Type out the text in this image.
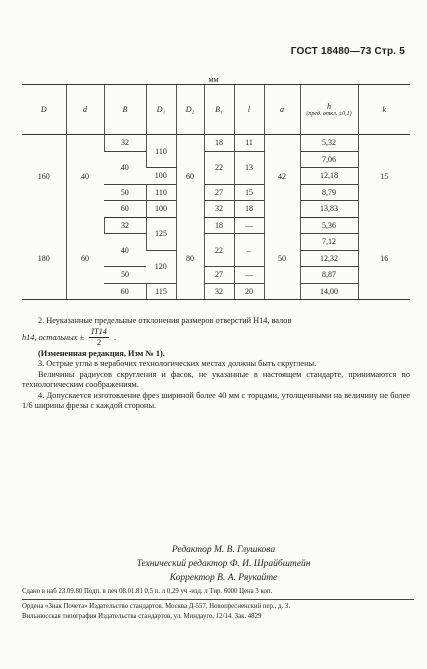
ГОСТ 18480—73 Стр. 5
мм
D	d	B	D₁	D₂	B₁	l	a	h
(пред. откл. ±0,1)	k
160	40	32	110	60	18	11	42	5,32	15
		40			22	13		7,06	
			100					12,18	
		50	110		27	15		8,79	
		60	100		32	18		13,83	
180	60	32	125	80	18	—	50	5,36	16
		40			22	–		7,12	
			120					12,32	
		50			27	—		8,87	
		60	115		32	20		14,00	

2. Неуказанные предельные отклонения размеров отверстий Н14, валов

h14, остальных ± $\frac{IT14}{2}$ .

(Измененная редакция, Изм № 1).

3. Острые углы в нерабочих технологических местах должны быть скруглены.

Величины радиусов скругления и фасок, не указанные в настоящем стандарте, принимаются по технологическим соображениям.

4. Допускается изготовление фрез шириной более 40 мм с торцами, утолщенными на величину не более 1/6 ширины фрезы с каждой стороны.

Редактор М. В. Глушкова
Технический редактор Ф. И. Шрайбштейн
Корректор В. А. Ряукайте
Сдано в наб 23.09.80 Подп. в печ 08.01.81 0,5 п. л 0,29 уч -изд. л Тир. 6000 Цена 3 коп.
Ордена «Знак Почета» Издательство стандартов. Москва Д-557, Новопресненский пер., д. 3.
Вильнюсская типография Издательства стандартов, ул. Миндауго, 12/14. Зак. 4829
